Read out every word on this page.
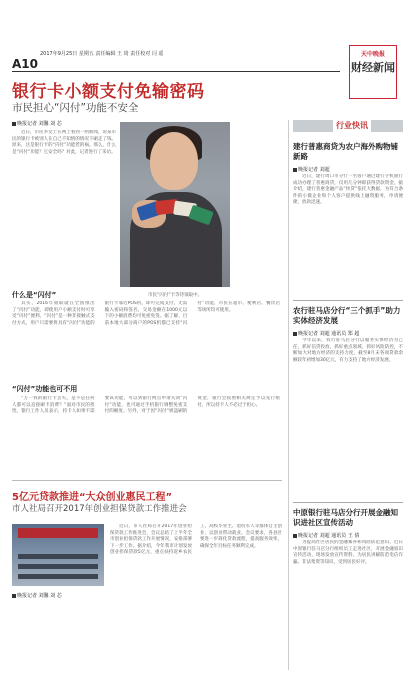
2017年9月25日 星期五 责任编辑 王 琦 责任校对 闫 遥
A10
天中晚报
财经新闻
银行卡小额支付免输密码
市民担心“闪付”功能不安全
晚报记者 刘馨 刘 芯
近日，市民李女士在网上看到一则新闻，说某市民的银行卡被别人在自己不知情的情况下刷走了钱。原来，这是银行卡的“闪付”功能惹的祸。那么，什么是“闪付”功能？它安全吗？对此，记者进行了采访。
市民“闪付”卡等待领取中。
什么是“闪付”
其实，2016年银联就在全国推出了“闪付”功能，即使用户小额支付时可享受“闪付”便利。“闪付”是一种非接触式支付方式，用户只需要将具有“闪付”功能的银行卡靠近POS机，即可完成支付，无需输入密码和签名，交易金额在1000元以下的小额消费均可免密免签。据了解，目前本地大部分商户的POS机都已支持“闪付”功能，市民在超市、便利店、餐饮店等场所均可使用。
“闪付”功能也可不用
“万一我的银行卡丢失，是不是任何人都可以直接刷卡消费？”面对市民的担忧，银行工作人员表示，持卡人如果不需要该功能，可以到银行网点申请关闭“闪付”功能，也可通过手机银行调整免密支付的额度。另外，对于因“闪付”被盗刷的资金，银行会按照相关规定予以先行赔付，所以持卡人不必过于担心。
5亿元贷款推进“大众创业惠民工程”
市人社局召开2017年创业担保贷款工作推进会
晚报记者 刘馨 刘 芯
近日，市人社局召开2017年创业担保贷款工作推进会，会议总结了上半年全市创业担保贷款工作开展情况，安排部署下一步工作。据介绍，今年我市计划发放创业担保贷款5亿元，重点扶持返乡农民工、高校毕业生、退役军人等群体自主创业，以创业带动就业。会议要求，各县区要进一步简化贷款流程，提高服务效率，确保全年目标任务顺利完成。
行业快讯
建行普惠商贷为农户海外购物铺新路
晚报记者 刘超
近日，建行周口市分行一名客户通过建行手机银行成功办理了普惠商贷，仅用几分钟即获得贷款资金。据介绍，建行普惠金融产品“快贷”依托大数据，为符合条件的小微企业和个人客户提供线上融资服务，申请便捷、放款迅速。
农行驻马店分行“三个抓手”助力实体经济发展
晚报记者 刘超 通讯员 郑 超
今年以来，农行驻马店分行以服务实体经济为己任，抓好信贷投放、抓好重点领域、抓好风险防控，不断加大对地方经济的支持力度，截至8月末各项贷款余额较年初增加30亿元，有力支持了地方经济发展。
中原银行驻马店分行开展金融知识进社区宣传活动
晚报记者 刘超 通讯员 王 倩
为提高社区居民的金融素养和风险防范意识，近日中原银行驻马店分行组织员工走进社区，开展金融知识宣传活动，现场发放宣传资料，为居民讲解防范电信诈骗、非法集资等知识，受到居民好评。
